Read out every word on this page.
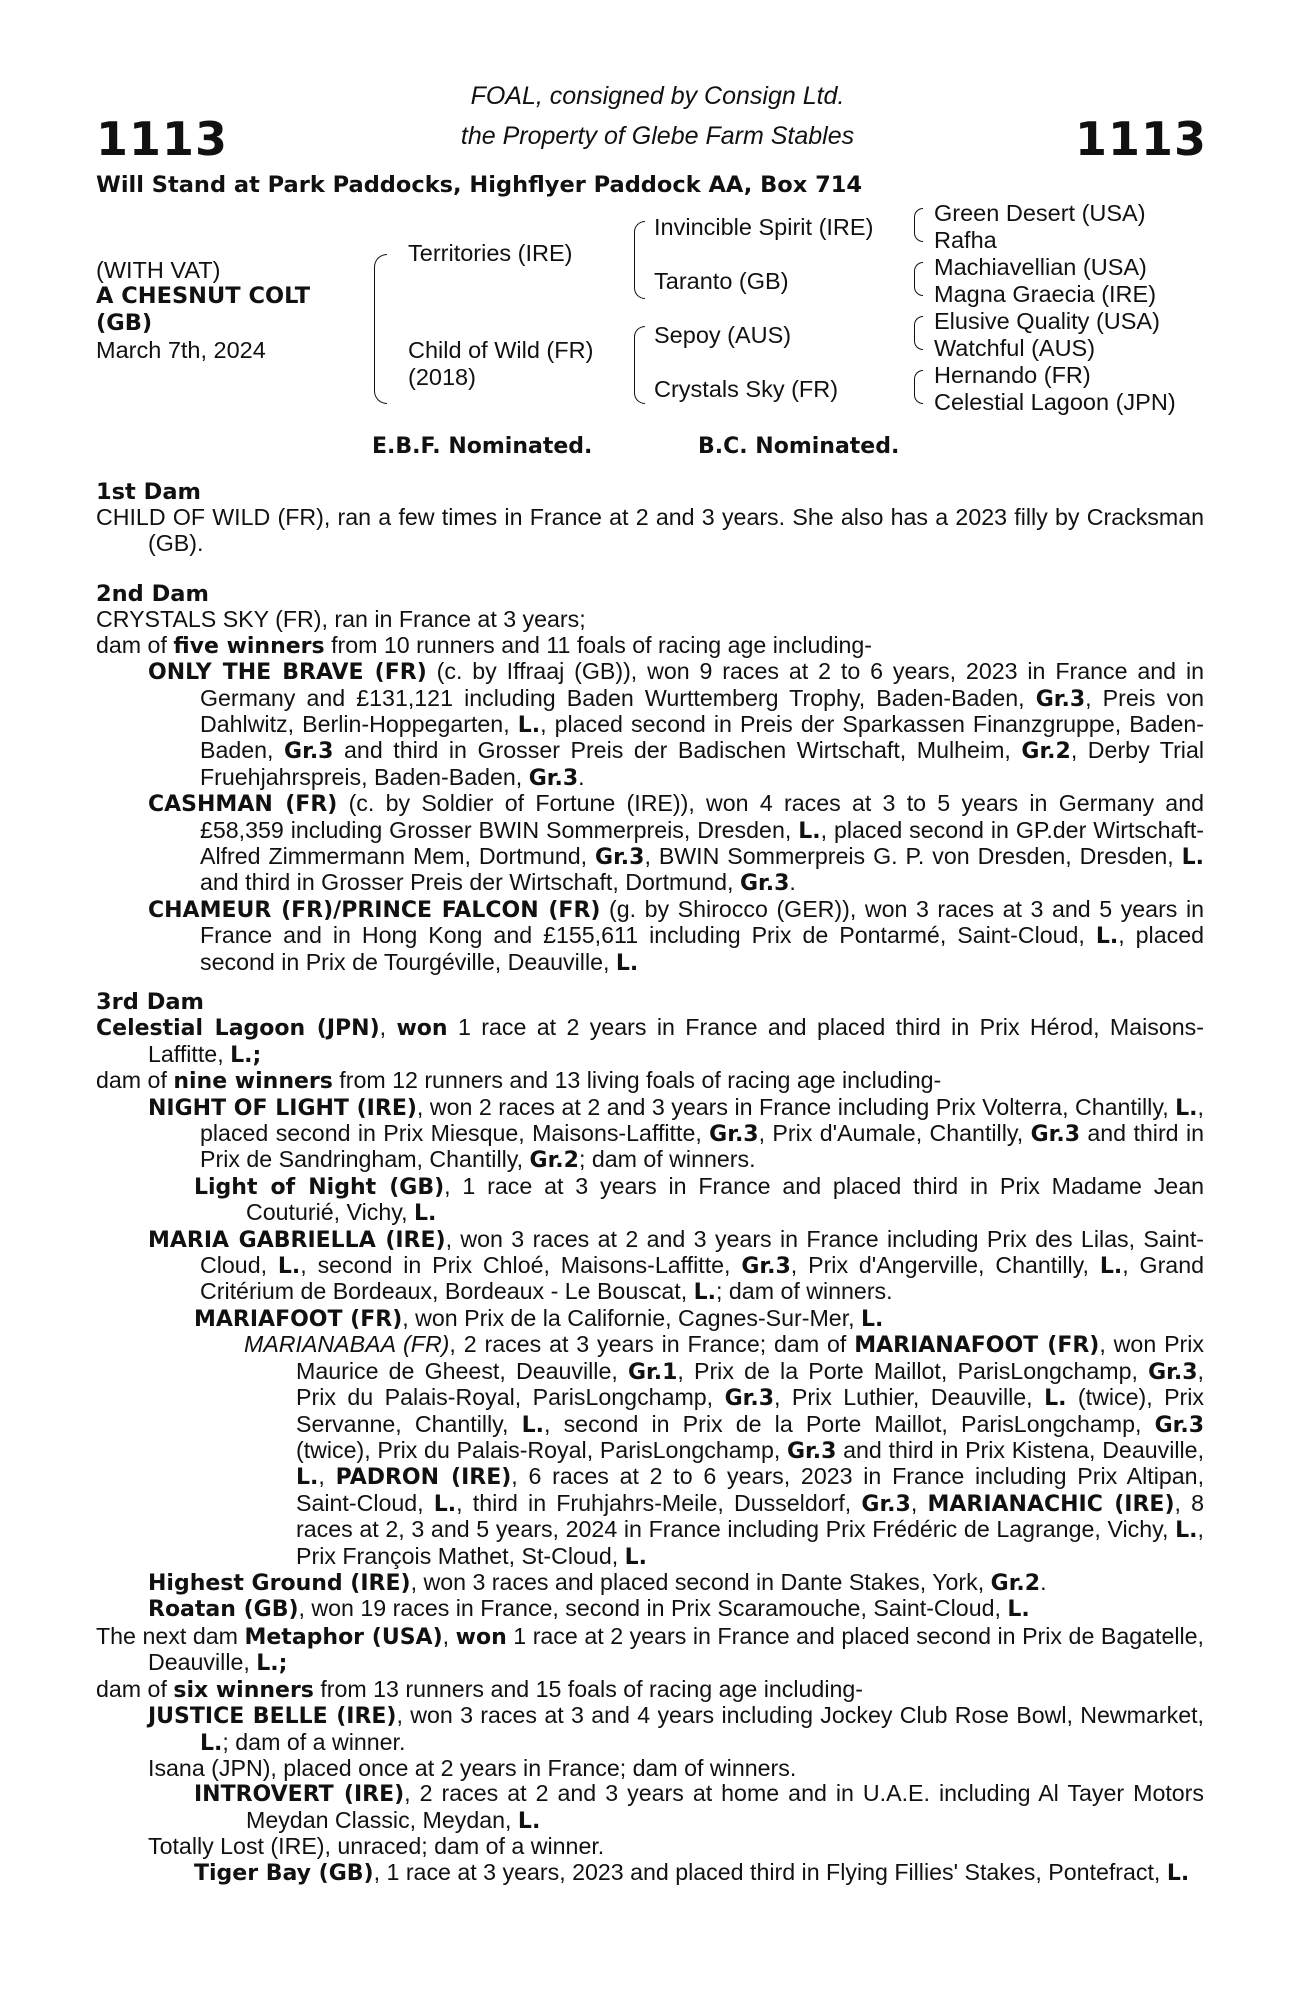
1113	1113
FOAL, consigned by Consign Ltd.
the Property of Glebe Farm Stables
Will Stand at Park Paddocks, Highflyer Paddock AA, Box 714
(WITH VAT)
A CHESNUT COLT
(GB)
March 7th, 2024
Territories (IRE)
Child of Wild (FR)
(2018)
Invincible Spirit (IRE)
Taranto (GB)
Sepoy (AUS)
Crystals Sky (FR)
Green Desert (USA)
Rafha
Machiavellian (USA)
Magna Graecia (IRE)
Elusive Quality (USA)
Watchful (AUS)
Hernando (FR)
Celestial Lagoon (JPN)
E.B.F. Nominated.	B.C. Nominated.

1st Dam

CHILD OF WILD (FR), ran a few times in France at 2 and 3 years. She also has a 2023 filly by Cracksman (GB).

2nd Dam

CRYSTALS SKY (FR), ran in France at 3 years;

dam of five winners from 10 runners and 11 foals of racing age including-

ONLY THE BRAVE (FR) (c. by Iffraaj (GB)), won 9 races at 2 to 6 years, 2023 in France and in Germany and £131,121 including Baden Wurttemberg Trophy, Baden-Baden, Gr.3, Preis von Dahlwitz, Berlin-Hoppegarten, L., placed second in Preis der Sparkassen Finanzgruppe, Baden-Baden, Gr.3 and third in Grosser Preis der Badischen Wirtschaft, Mulheim, Gr.2, Derby Trial Fruehjahrspreis, Baden-Baden, Gr.3.

CASHMAN (FR) (c. by Soldier of Fortune (IRE)), won 4 races at 3 to 5 years in Germany and £58,359 including Grosser BWIN Sommerpreis, Dresden, L., placed second in GP.der Wirtschaft-Alfred Zimmermann Mem, Dortmund, Gr.3, BWIN Sommerpreis G. P. von Dresden, Dresden, L. and third in Grosser Preis der Wirtschaft, Dortmund, Gr.3.

CHAMEUR (FR)/PRINCE FALCON (FR) (g. by Shirocco (GER)), won 3 races at 3 and 5 years in France and in Hong Kong and £155,611 including Prix de Pontarmé, Saint-Cloud, L., placed second in Prix de Tourgéville, Deauville, L.

3rd Dam

Celestial Lagoon (JPN), won 1 race at 2 years in France and placed third in Prix Hérod, Maisons-Laffitte, L.;

dam of nine winners from 12 runners and 13 living foals of racing age including-

NIGHT OF LIGHT (IRE), won 2 races at 2 and 3 years in France including Prix Volterra, Chantilly, L., placed second in Prix Miesque, Maisons-Laffitte, Gr.3, Prix d'Aumale, Chantilly, Gr.3 and third in Prix de Sandringham, Chantilly, Gr.2; dam of winners.

Light of Night (GB), 1 race at 3 years in France and placed third in Prix Madame Jean Couturié, Vichy, L.

MARIA GABRIELLA (IRE), won 3 races at 2 and 3 years in France including Prix des Lilas, Saint-Cloud, L., second in Prix Chloé, Maisons-Laffitte, Gr.3, Prix d'Angerville, Chantilly, L., Grand Critérium de Bordeaux, Bordeaux - Le Bouscat, L.; dam of winners.

MARIAFOOT (FR), won Prix de la Californie, Cagnes-Sur-Mer, L.

MARIANABAA (FR), 2 races at 3 years in France; dam of MARIANAFOOT (FR), won Prix Maurice de Gheest, Deauville, Gr.1, Prix de la Porte Maillot, ParisLongchamp, Gr.3, Prix du Palais-Royal, ParisLongchamp, Gr.3, Prix Luthier, Deauville, L. (twice), Prix Servanne, Chantilly, L., second in Prix de la Porte Maillot, ParisLongchamp, Gr.3 (twice), Prix du Palais-Royal, ParisLongchamp, Gr.3 and third in Prix Kistena, Deauville, L., PADRON (IRE), 6 races at 2 to 6 years, 2023 in France including Prix Altipan, Saint-Cloud, L., third in Fruhjahrs-Meile, Dusseldorf, Gr.3, MARIANACHIC (IRE), 8 races at 2, 3 and 5 years, 2024 in France including Prix Frédéric de Lagrange, Vichy, L., Prix François Mathet, St-Cloud, L.

Highest Ground (IRE), won 3 races and placed second in Dante Stakes, York, Gr.2.

Roatan (GB), won 19 races in France, second in Prix Scaramouche, Saint-Cloud, L.

The next dam Metaphor (USA), won 1 race at 2 years in France and placed second in Prix de Bagatelle, Deauville, L.;

dam of six winners from 13 runners and 15 foals of racing age including-

JUSTICE BELLE (IRE), won 3 races at 3 and 4 years including Jockey Club Rose Bowl, Newmarket, L.; dam of a winner.

Isana (JPN), placed once at 2 years in France; dam of winners.

INTROVERT (IRE), 2 races at 2 and 3 years at home and in U.A.E. including Al Tayer Motors Meydan Classic, Meydan, L.

Totally Lost (IRE), unraced; dam of a winner.

Tiger Bay (GB), 1 race at 3 years, 2023 and placed third in Flying Fillies' Stakes, Pontefract, L.
